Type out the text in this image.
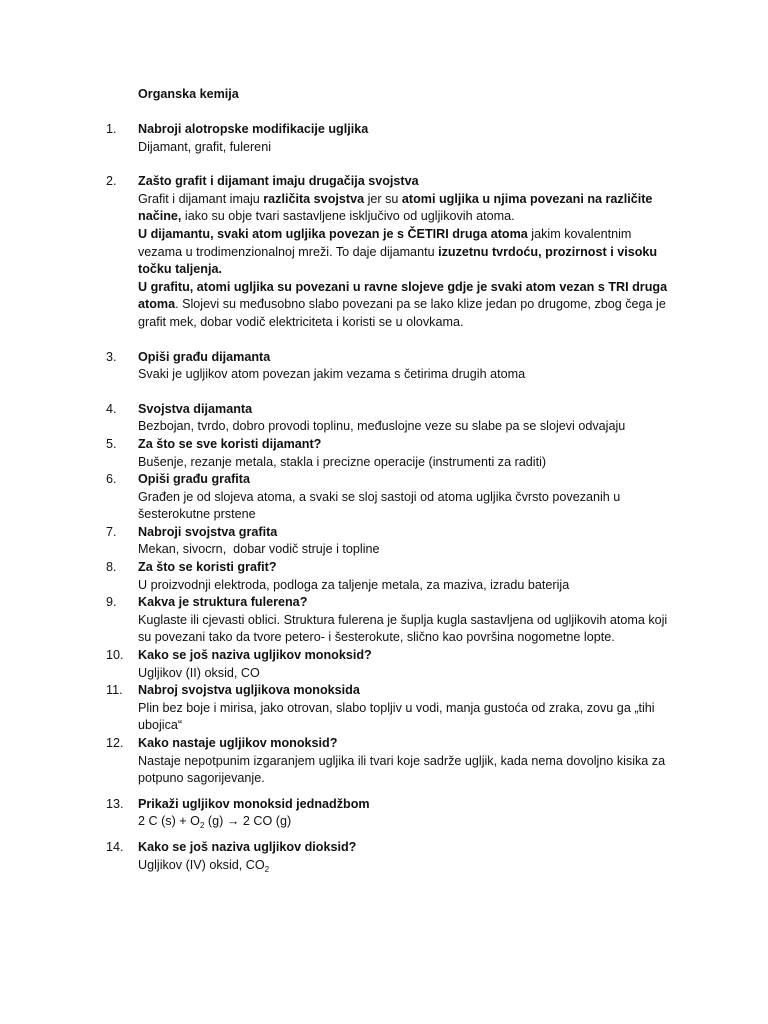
Organska kemija

1.	Nabroji alotropske modifikacije ugljika
Dijamant, grafit, fulereni
2.	Zašto grafit i dijamant imaju drugačija svojstva
Grafit i dijamant imaju različita svojstva jer su atomi ugljika u njima povezani na različite načine, iako su obje tvari sastavljene isključivo od ugljikovih atoma.
U dijamantu, svaki atom ugljika povezan je s ČETIRI druga atoma jakim kovalentnim vezama u trodimenzionalnoj mreži. To daje dijamantu izuzetnu tvrdoću, prozirnost i visoku točku taljenja.
U grafitu, atomi ugljika su povezani u ravne slojeve gdje je svaki atom vezan s TRI druga atoma. Slojevi su međusobno slabo povezani pa se lako klize jedan po drugome, zbog čega je grafit mek, dobar vodič elektriciteta i koristi se u olovkama.
3.	Opiši građu dijamanta
Svaki je ugljikov atom povezan jakim vezama s četirima drugih atoma
4.	Svojstva dijamanta
Bezbojan, tvrdo, dobro provodi toplinu, međuslojne veze su slabe pa se slojevi odvajaju
5.	Za što se sve koristi dijamant?
Bušenje, rezanje metala, stakla i precizne operacije (instrumenti za raditi)
6.	Opiši građu grafita
Građen je od slojeva atoma, a svaki se sloj sastoji od atoma ugljika čvrsto povezanih u šesterokutne prstene
7.	Nabroji svojstva grafita
Mekan, sivocrn,  dobar vodič struje i topline
8.	Za što se koristi grafit?
U proizvodnji elektroda, podloga za taljenje metala, za maziva, izradu baterija
9.	Kakva je struktura fulerena?
Kuglaste ili cjevasti oblici. Struktura fulerena je šuplja kugla sastavljena od ugljikovih atoma koji su povezani tako da tvore petero- i šesterokute, slično kao površina nogometne lopte.
10.	Kako se još naziva ugljikov monoksid?
Ugljikov (II) oksid, CO
11.	Nabroj svojstva ugljikova monoksida
Plin bez boje i mirisa, jako otrovan, slabo topljiv u vodi, manja gustoća od zraka, zovu ga „tihi ubojica“
12.	Kako nastaje ugljikov monoksid?
Nastaje nepotpunim izgaranjem ugljika ili tvari koje sadrže ugljik, kada nema dovoljno kisika za potpuno sagorijevanje.
13.	Prikaži ugljikov monoksid jednadžbom
2 C $(s) + O_2$ (g) → 2 CO (g)
14.	Kako se još naziva ugljikov dioksid?
Ugljikov (IV) oksid, $CO_2$
